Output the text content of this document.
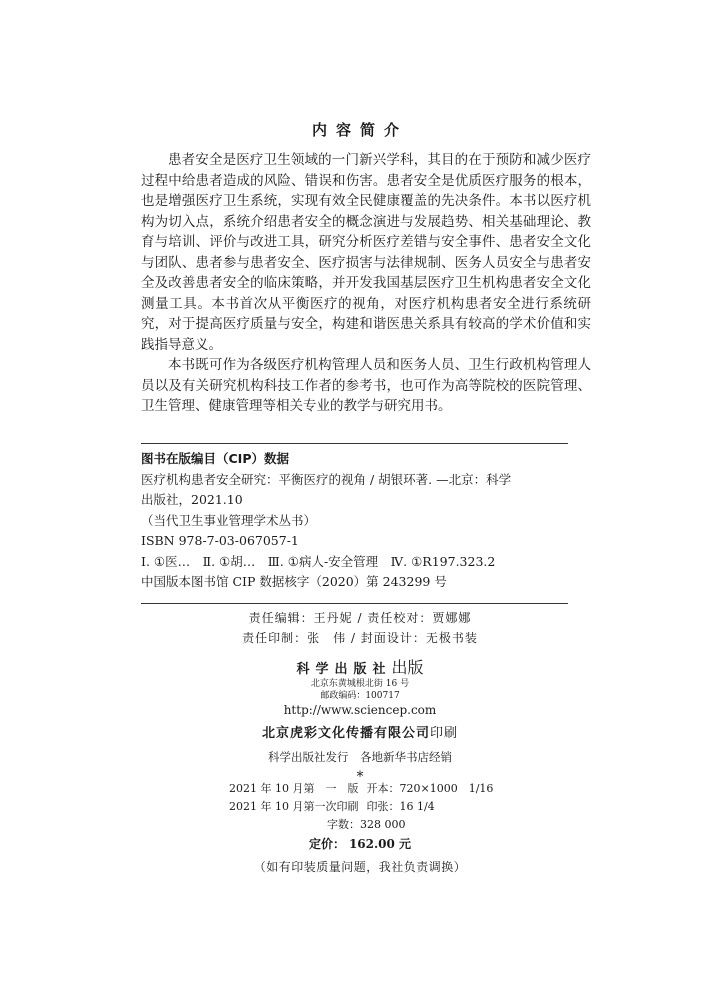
内容简介

患者安全是医疗卫生领域的一门新兴学科，其目的在于预防和减少医疗过程中给患者造成的风险、错误和伤害。患者安全是优质医疗服务的根本，也是增强医疗卫生系统，实现有效全民健康覆盖的先决条件。本书以医疗机构为切入点，系统介绍患者安全的概念演进与发展趋势、相关基础理论、教育与培训、评价与改进工具，研究分析医疗差错与安全事件、患者安全文化与团队、患者参与患者安全、医疗损害与法律规制、医务人员安全与患者安全及改善患者安全的临床策略，并开发我国基层医疗卫生机构患者安全文化测量工具。本书首次从平衡医疗的视角，对医疗机构患者安全进行系统研究，对于提高医疗质量与安全，构建和谐医患关系具有较高的学术价值和实践指导意义。

本书既可作为各级医疗机构管理人员和医务人员、卫生行政机构管理人员以及有关研究机构科技工作者的参考书，也可作为高等院校的医院管理、卫生管理、健康管理等相关专业的教学与研究用书。

图书在版编目（CIP）数据
医疗机构患者安全研究：平衡医疗的视角 / 胡银环著. —北京：科学
出版社，2021.10
（当代卫生事业管理学术丛书）
ISBN 978-7-03-067057-1
Ⅰ. ①医…　Ⅱ. ①胡…　Ⅲ. ①病人-安全管理　Ⅳ. ①R197.323.2
中国版本图书馆 CIP 数据核字（2020）第 243299 号
责任编辑：王丹妮 / 责任校对：贾娜娜
责任印制：张　伟 / 封面设计：无极书装
科学出版社出版
北京东黄城根北街 16 号
邮政编码：100717
http://www.sciencep.com
北京虎彩文化传播有限公司印刷
科学出版社发行　各地新华书店经销
*
2021 年 10 月第　一　版 开本：720×1000　1/16
2021 年 10 月第一次印刷 印张：16 1/4
字数：328 000
定价： 162.00 元
（如有印装质量问题，我社负责调换）
